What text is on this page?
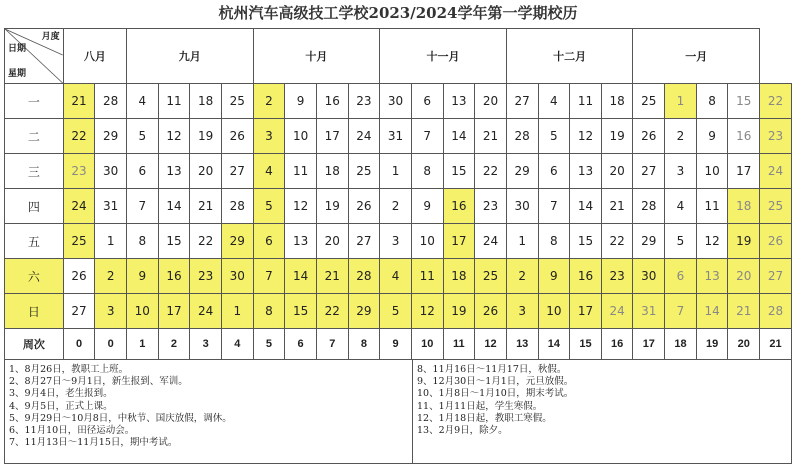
杭州汽车高级技工学校2023/2024学年第一学期校历
月度
日期
星期	八月		九月				十月				十一月				十二月				一月				
一	21	28	4	11	18	25	2	9	16	23	30	6	13	20	27	4	11	18	25	1	8	15	22
二	22	29	5	12	19	26	3	10	17	24	31	7	14	21	28	5	12	19	26	2	9	16	23
三	23	30	6	13	20	27	4	11	18	25	1	8	15	22	29	6	13	20	27	3	10	17	24
四	24	31	7	14	21	28	5	12	19	26	2	9	16	23	30	7	14	21	28	4	11	18	25
五	25	1	8	15	22	29	6	13	20	27	3	10	17	24	1	8	15	22	29	5	12	19	26
六	26	2	9	16	23	30	7	14	21	28	4	11	18	25	2	9	16	23	30	6	13	20	27
日	27	3	10	17	24	1	8	15	22	29	5	12	19	26	3	10	17	24	31	7	14	21	28
周次	0	0	1	2	3	4	5	6	7	8	9	10	11	12	13	14	15	16	17	18	19	20	21
1、8月26日，教职工上班。
2、8月27日～9月1日，新生报到、军训。
3、9月4日，老生报到。
4、9月5日，正式上课。
5、9月29日～10月8日，中秋节、国庆放假，调休。
6、11月10日，田径运动会。
7、11月13日～11月15日，期中考试。
8、11月16日～11月17日，秋假。
9、12月30日～1月1日，元旦放假。
10、1月8日～1月10日，期末考试。
11、1月11日起，学生寒假。
12、1月18日起，教职工寒假。
13、2月9日，除夕。
